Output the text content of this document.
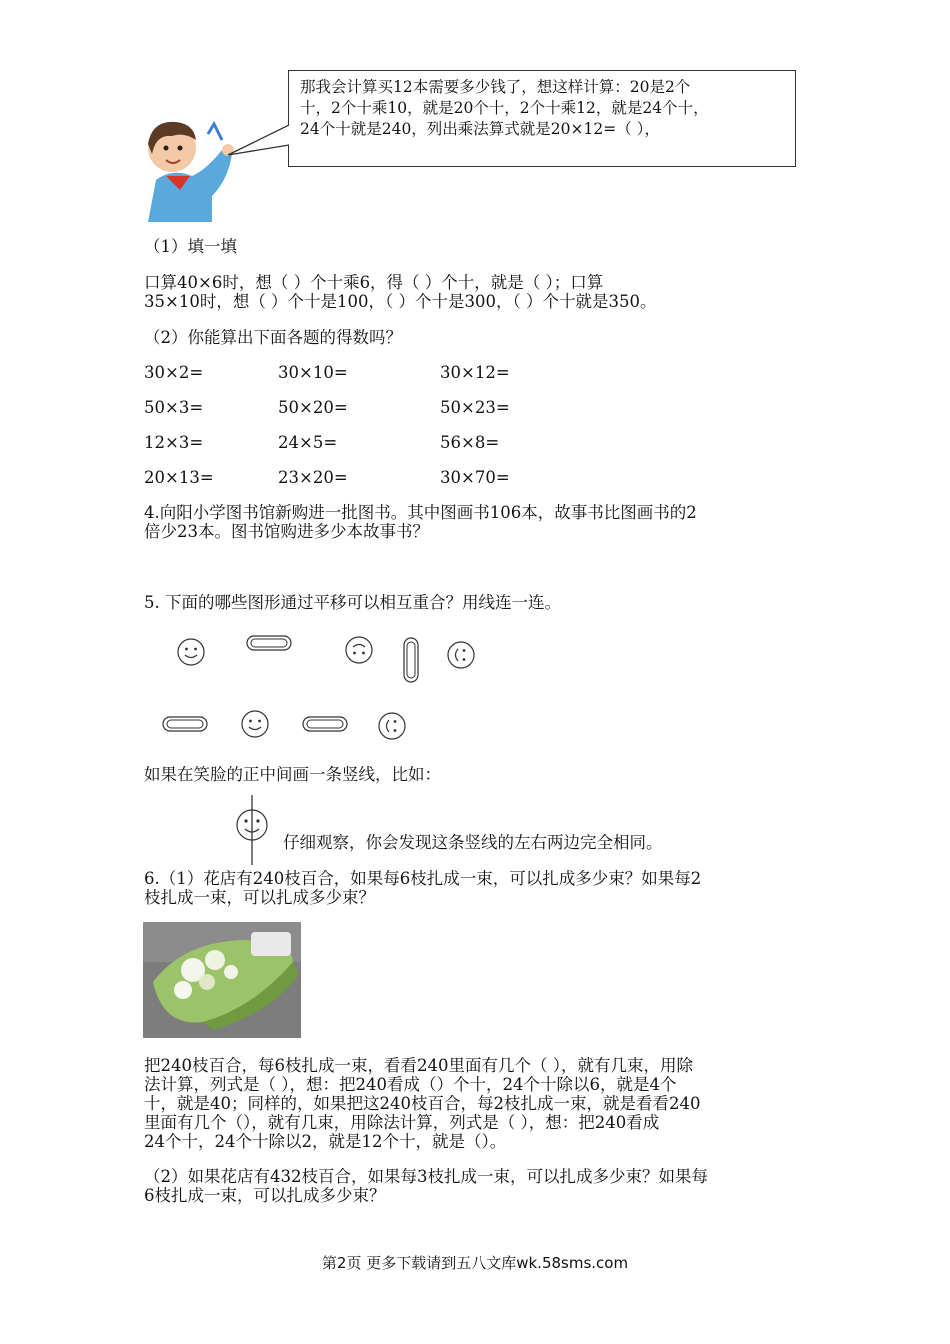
那我会计算买12本需要多少钱了，想这样计算：20是2个
十，2个十乘10，就是20个十，2个十乘12，就是24个十，
24个十就是240，列出乘法算式就是20×12=（ ），
（1）填一填
口算40×6时，想（ ）个十乘6，得（ ）个十，就是（ ）；口算
35×10时，想（ ）个十是100，（ ）个十是300，（ ）个十就是350。
（2）你能算出下面各题的得数吗？
30×2=	30×10=	30×12=
50×3=	50×20=	50×23=
12×3=	24×5=	56×8=
20×13=	23×20=	30×70=
4.向阳小学图书馆新购进一批图书。其中图画书106本，故事书比图画书的2
倍少23本。图书馆购进多少本故事书？
5. 下面的哪些图形通过平移可以相互重合？用线连一连。
如果在笑脸的正中间画一条竖线，比如：
仔细观察，你会发现这条竖线的左右两边完全相同。
6.（1）花店有240枝百合，如果每6枝扎成一束，可以扎成多少束？如果每2
枝扎成一束，可以扎成多少束？
把240枝百合，每6枝扎成一束，看看240里面有几个（ ），就有几束，用除
法计算，列式是（ ），想：把240看成（）个十，24个十除以6，就是4个
十，就是40；同样的，如果把这240枝百合，每2枝扎成一束，就是看看240
里面有几个（），就有几束，用除法计算，列式是（ ），想：把240看成
24个十，24个十除以2，就是12个十，就是（）。
（2）如果花店有432枝百合，如果每3枝扎成一束，可以扎成多少束？如果每
6枝扎成一束，可以扎成多少束？
第2页 更多下载请到五八文库wk.58sms.com
